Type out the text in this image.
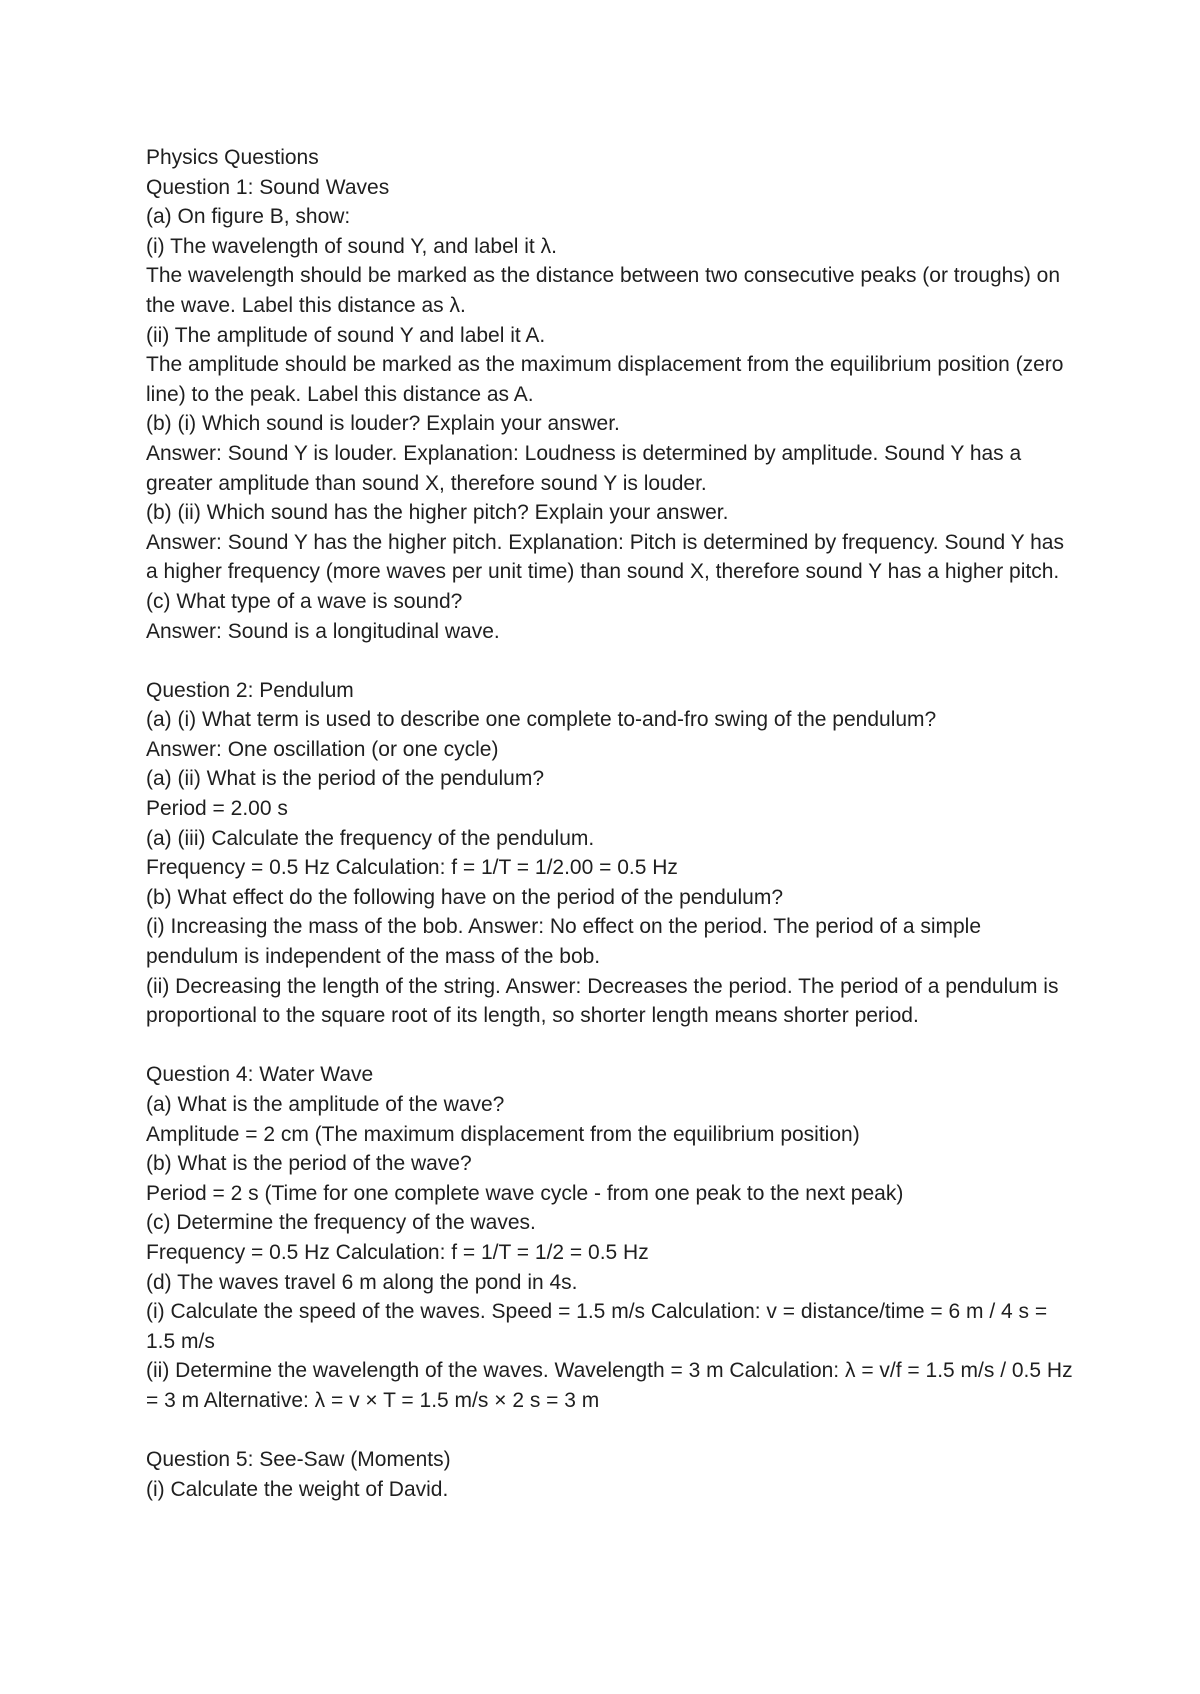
Physics Questions
Question 1: Sound Waves
(a) On figure B, show:
(i) The wavelength of sound Y, and label it λ.
The wavelength should be marked as the distance between two consecutive peaks (or troughs) on the wave. Label this distance as λ.
(ii) The amplitude of sound Y and label it A.
The amplitude should be marked as the maximum displacement from the equilibrium position (zero line) to the peak. Label this distance as A.
(b) (i) Which sound is louder? Explain your answer.
Answer: Sound Y is louder. Explanation: Loudness is determined by amplitude. Sound Y has a greater amplitude than sound X, therefore sound Y is louder.
(b) (ii) Which sound has the higher pitch? Explain your answer.
Answer: Sound Y has the higher pitch. Explanation: Pitch is determined by frequency. Sound Y has a higher frequency (more waves per unit time) than sound X, therefore sound Y has a higher pitch.
(c) What type of a wave is sound?
Answer: Sound is a longitudinal wave.
Question 2: Pendulum
(a) (i) What term is used to describe one complete to-and-fro swing of the pendulum?
Answer: One oscillation (or one cycle)
(a) (ii) What is the period of the pendulum?
Period = 2.00 s
(a) (iii) Calculate the frequency of the pendulum.
Frequency = 0.5 Hz Calculation: f = 1/T = 1/2.00 = 0.5 Hz
(b) What effect do the following have on the period of the pendulum?
(i) Increasing the mass of the bob. Answer: No effect on the period. The period of a simple pendulum is independent of the mass of the bob.
(ii) Decreasing the length of the string. Answer: Decreases the period. The period of a pendulum is proportional to the square root of its length, so shorter length means shorter period.
Question 4: Water Wave
(a) What is the amplitude of the wave?
Amplitude = 2 cm (The maximum displacement from the equilibrium position)
(b) What is the period of the wave?
Period = 2 s (Time for one complete wave cycle - from one peak to the next peak)
(c) Determine the frequency of the waves.
Frequency = 0.5 Hz Calculation: f = 1/T = 1/2 = 0.5 Hz
(d) The waves travel 6 m along the pond in 4s.
(i) Calculate the speed of the waves. Speed = 1.5 m/s Calculation: v = distance/time = 6 m / 4 s = 1.5 m/s
(ii) Determine the wavelength of the waves. Wavelength = 3 m Calculation: λ = v/f = 1.5 m/s / 0.5 Hz = 3 m Alternative: λ = v × T = 1.5 m/s × 2 s = 3 m
Question 5: See-Saw (Moments)
(i) Calculate the weight of David.
